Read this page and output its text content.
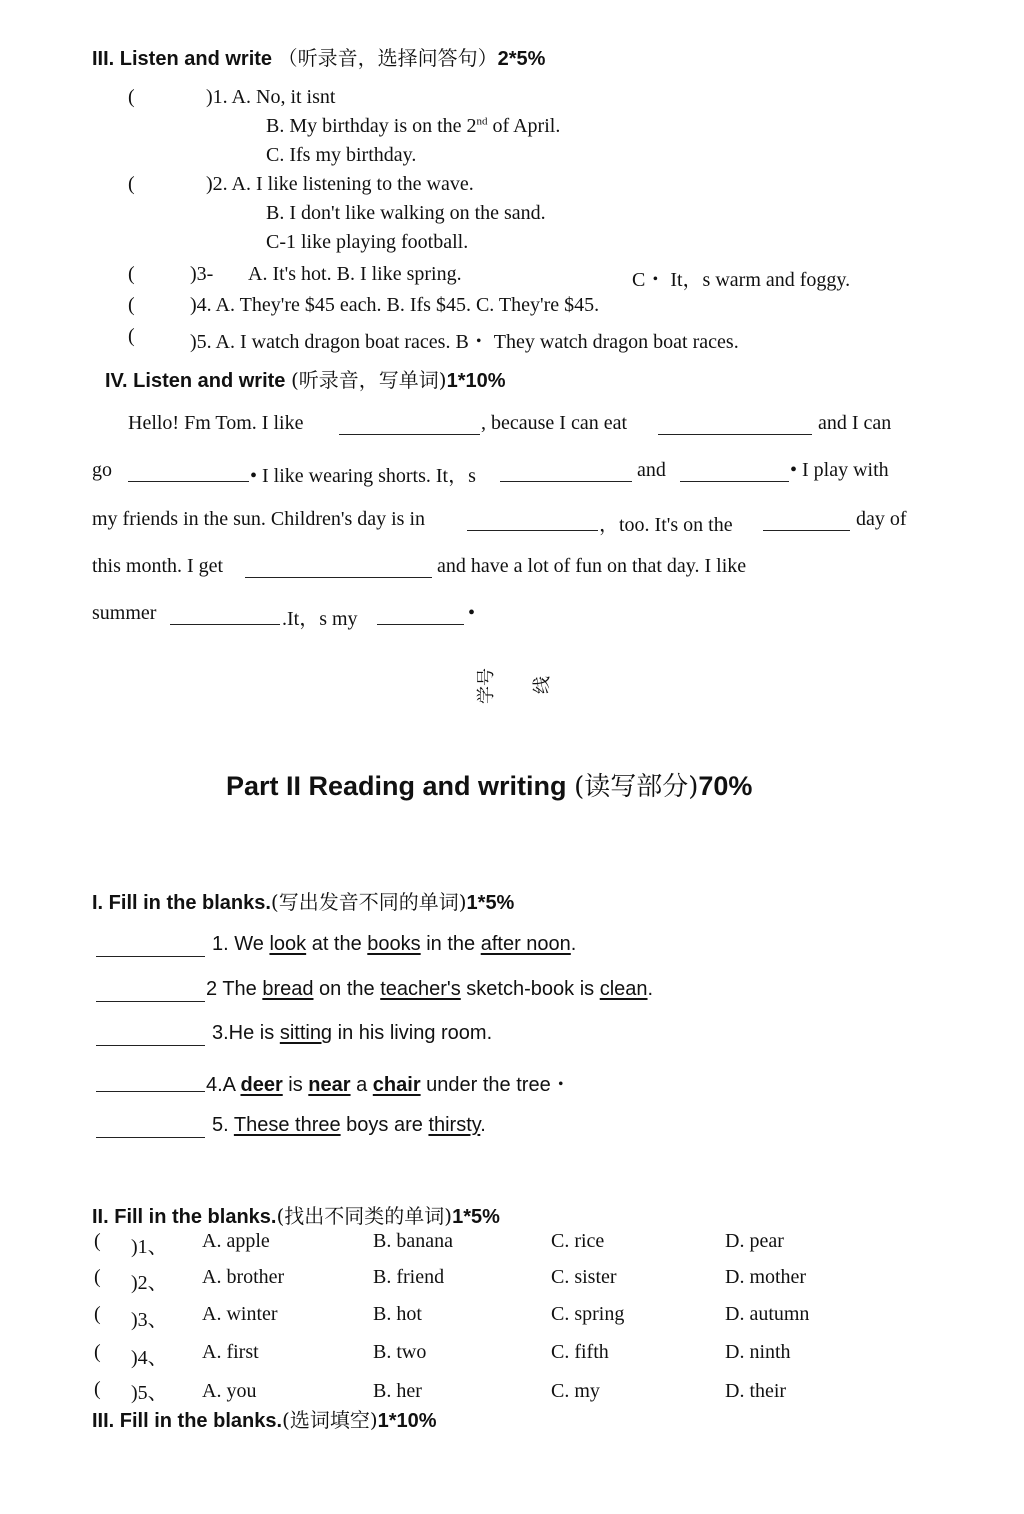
III. Listen and write （听录音，选择问答句）2*5%
(	)1. A. No, it isnt
B. My birthday is on the 2nd of April.
C. Ifs my birthday.
(	)2. A. I like listening to the wave.
B. I don't like walking on the sand.
C-1 like playing football.
(	)3- A. It's hot. B. I like spring.	C・ It，s warm and foggy.
(	)4. A. They're $45 each. B. Ifs $45. C. They're $45.
(	)5. A. I watch dragon boat races. B・ They watch dragon boat races.
IV. Listen and write (听录音，写单词)1*10%
Hello! Fm Tom. I like	, because I can eat	and I can
go	• I like wearing shorts. It，s	and	• I play with
my friends in the sun. Children's day is in	，too. It's on the	day of
this month. I get	and have a lot of fun on that day. I like
summer	.It，s my	•
学号 线
Part II Reading and writing (读写部分)70%
I. Fill in the blanks.(写出发音不同的单词)1*5%
1. We look at the books in the after noon.
2 The bread on the teacher's sketch-book is clean.
3.He is sitting in his living room.
4.A deer is near a chair under the tree・
5. These three boys are thirsty.
II. Fill in the blanks.(找出不同类的单词)1*5%
( )1、 A. apple	B. banana	C. rice	D. pear
( )2、 A. brother	B. friend	C. sister	D. mother
( )3、 A. winter	B. hot	C. spring	D. autumn
( )4、 A. first	B. two	C. fifth	D. ninth
( )5、 A. you	B. her	C. my	D. their
III. Fill in the blanks.(选词填空)1*10%
